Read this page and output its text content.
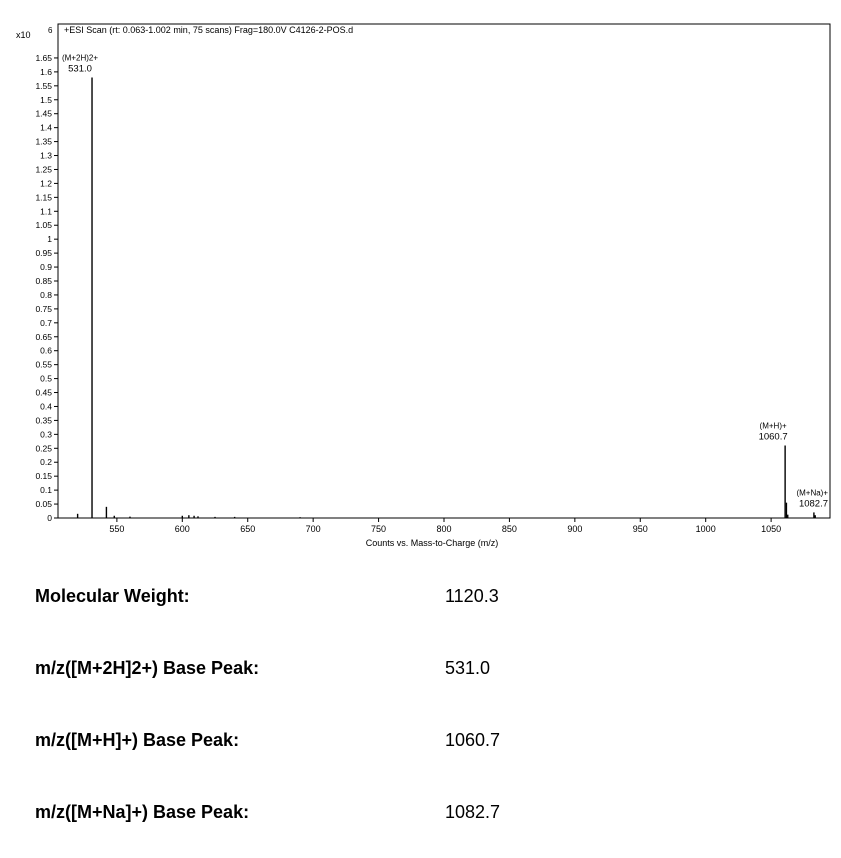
+ESI Scan (rt: 0.063-1.002 min, 75 scans) Frag=180.0V C4126-2-POS.d
x10 6
0
0.05
0.1
0.15
0.2
0.25
0.3
0.35
0.4
0.45
0.5
0.55
0.6
0.65
0.7
0.75
0.8
0.85
0.9
0.95
1
1.05
1.1
1.15
1.2
1.25
1.3
1.35
1.4
1.45
1.5
1.55
1.6
1.65
550	600	650	700	750	800	850	900	950	1000	1050
(M+2H)2+
531.0
(M+H)+
1060.7
(M+Na)+
1082.7
Counts vs. Mass-to-Charge (m/z)
Molecular Weight:	1120.3
m/z([M+2H]2+) Base Peak:	531.0
m/z([M+H]+) Base Peak:	1060.7
m/z([M+Na]+) Base Peak:	1082.7
